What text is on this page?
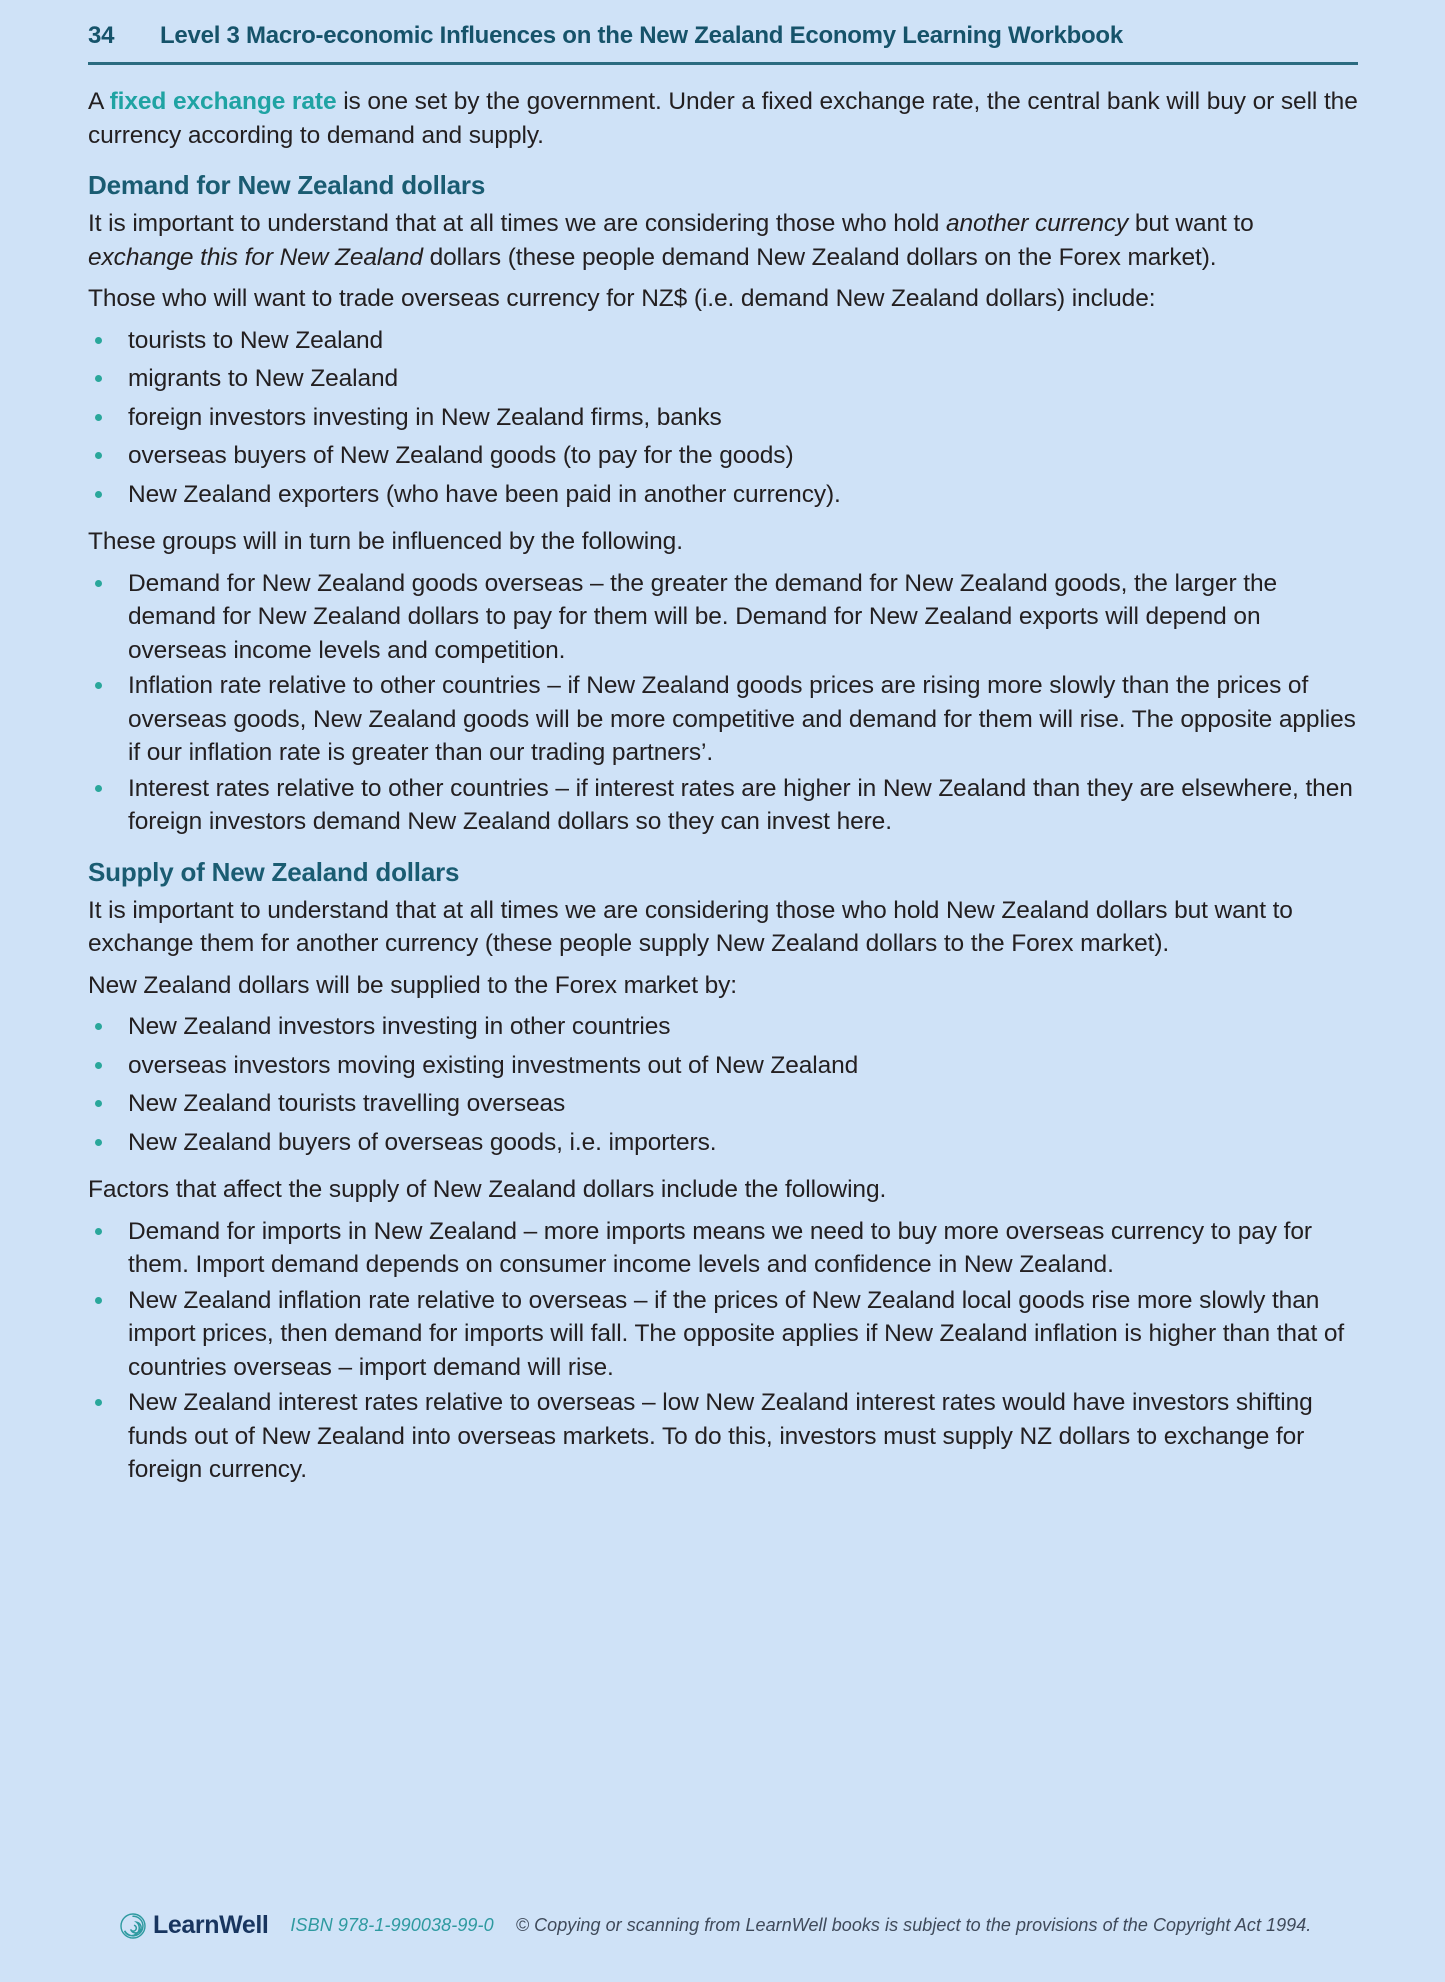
34	Level 3 Macro-economic Influences on the New Zealand Economy Learning Workbook

A fixed exchange rate is one set by the government. Under a fixed exchange rate, the central bank will buy or sell the currency according to demand and supply.

Demand for New Zealand dollars

It is important to understand that at all times we are considering those who hold another currency but want to exchange this for New Zealand dollars (these people demand New Zealand dollars on the Forex market).

Those who will want to trade overseas currency for NZ$ (i.e. demand New Zealand dollars) include:

tourists to New Zealand
migrants to New Zealand
foreign investors investing in New Zealand firms, banks
overseas buyers of New Zealand goods (to pay for the goods)
New Zealand exporters (who have been paid in another currency).

These groups will in turn be influenced by the following.

Demand for New Zealand goods overseas – the greater the demand for New Zealand goods, the larger the demand for New Zealand dollars to pay for them will be. Demand for New Zealand exports will depend on overseas income levels and competition.
Inflation rate relative to other countries – if New Zealand goods prices are rising more slowly than the prices of overseas goods, New Zealand goods will be more competitive and demand for them will rise. The opposite applies if our inflation rate is greater than our trading partners’.
Interest rates relative to other countries – if interest rates are higher in New Zealand than they are elsewhere, then foreign investors demand New Zealand dollars so they can invest here.
Supply of New Zealand dollars

It is important to understand that at all times we are considering those who hold New Zealand dollars but want to exchange them for another currency (these people supply New Zealand dollars to the Forex market).

New Zealand dollars will be supplied to the Forex market by:

New Zealand investors investing in other countries
overseas investors moving existing investments out of New Zealand
New Zealand tourists travelling overseas
New Zealand buyers of overseas goods, i.e. importers.

Factors that affect the supply of New Zealand dollars include the following.

Demand for imports in New Zealand – more imports means we need to buy more overseas currency to pay for them. Import demand depends on consumer income levels and confidence in New Zealand.
New Zealand inflation rate relative to overseas – if the prices of New Zealand local goods rise more slowly than import prices, then demand for imports will fall. The opposite applies if New Zealand inflation is higher than that of countries overseas – import demand will rise.
New Zealand interest rates relative to overseas – low New Zealand interest rates would have investors shifting funds out of New Zealand into overseas markets. To do this, investors must supply NZ dollars to exchange for foreign currency.
LearnWell ISBN 978-1-990038-99-0 © Copying or scanning from LearnWell books is subject to the provisions of the Copyright Act 1994.
